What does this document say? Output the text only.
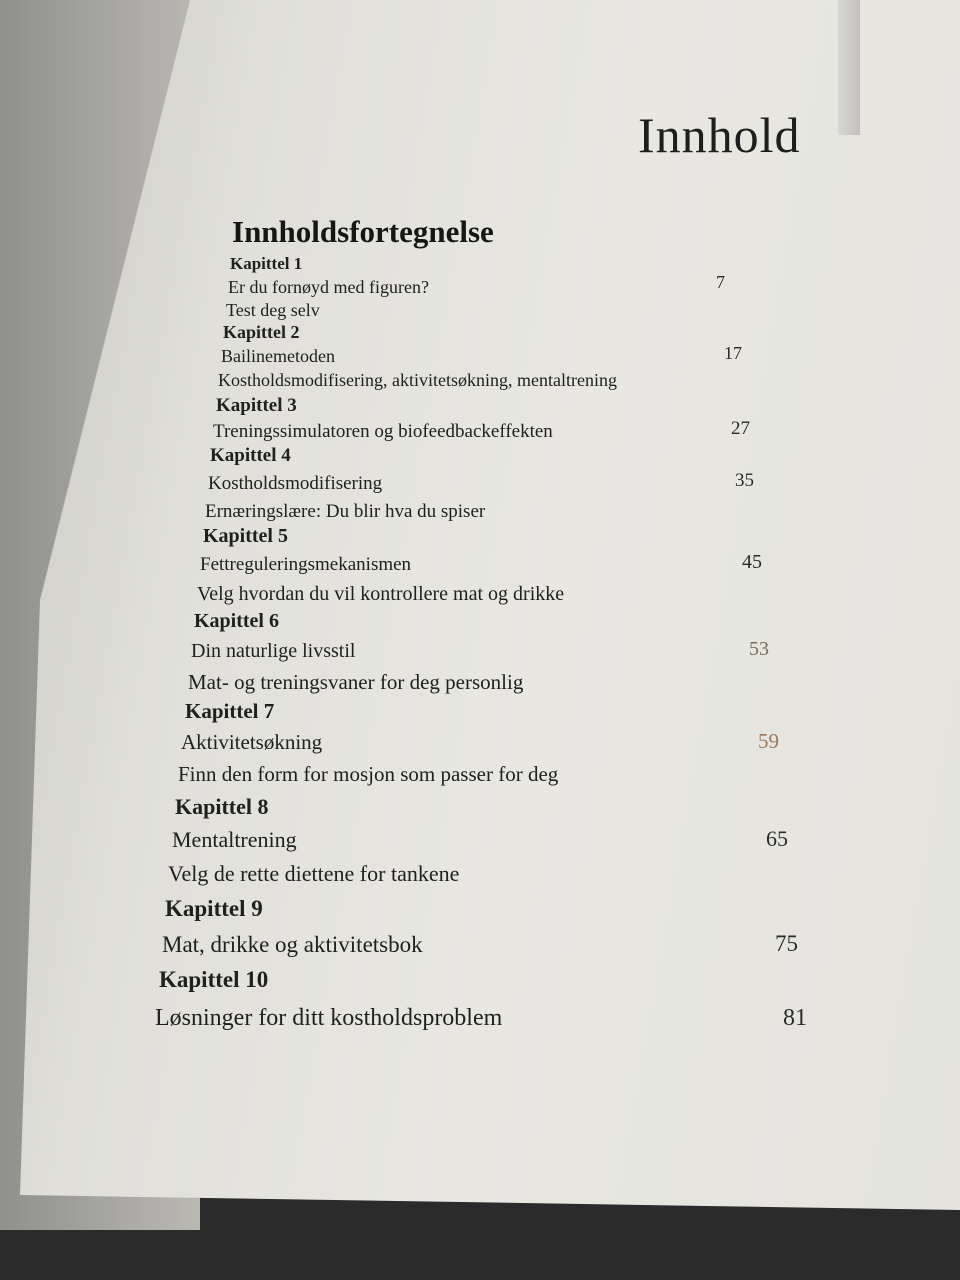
Innhold
Innholdsfortegnelse
Kapittel 1
Er du fornøyd med figuren?	7
Test deg selv
Kapittel 2
Bailinemetoden	17
Kostholdsmodifisering, aktivitetsøkning, mentaltrening
Kapittel 3
Treningssimulatoren og biofeedbackeffekten	27
Kapittel 4
Kostholdsmodifisering	35
Ernæringslære: Du blir hva du spiser
Kapittel 5
Fettreguleringsmekanismen	45
Velg hvordan du vil kontrollere mat og drikke
Kapittel 6
Din naturlige livsstil	53
Mat- og treningsvaner for deg personlig
Kapittel 7
Aktivitetsøkning	59
Finn den form for mosjon som passer for deg
Kapittel 8
Mentaltrening	65
Velg de rette diettene for tankene
Kapittel 9
Mat, drikke og aktivitetsbok	75
Kapittel 10
Løsninger for ditt kostholdsproblem	81
